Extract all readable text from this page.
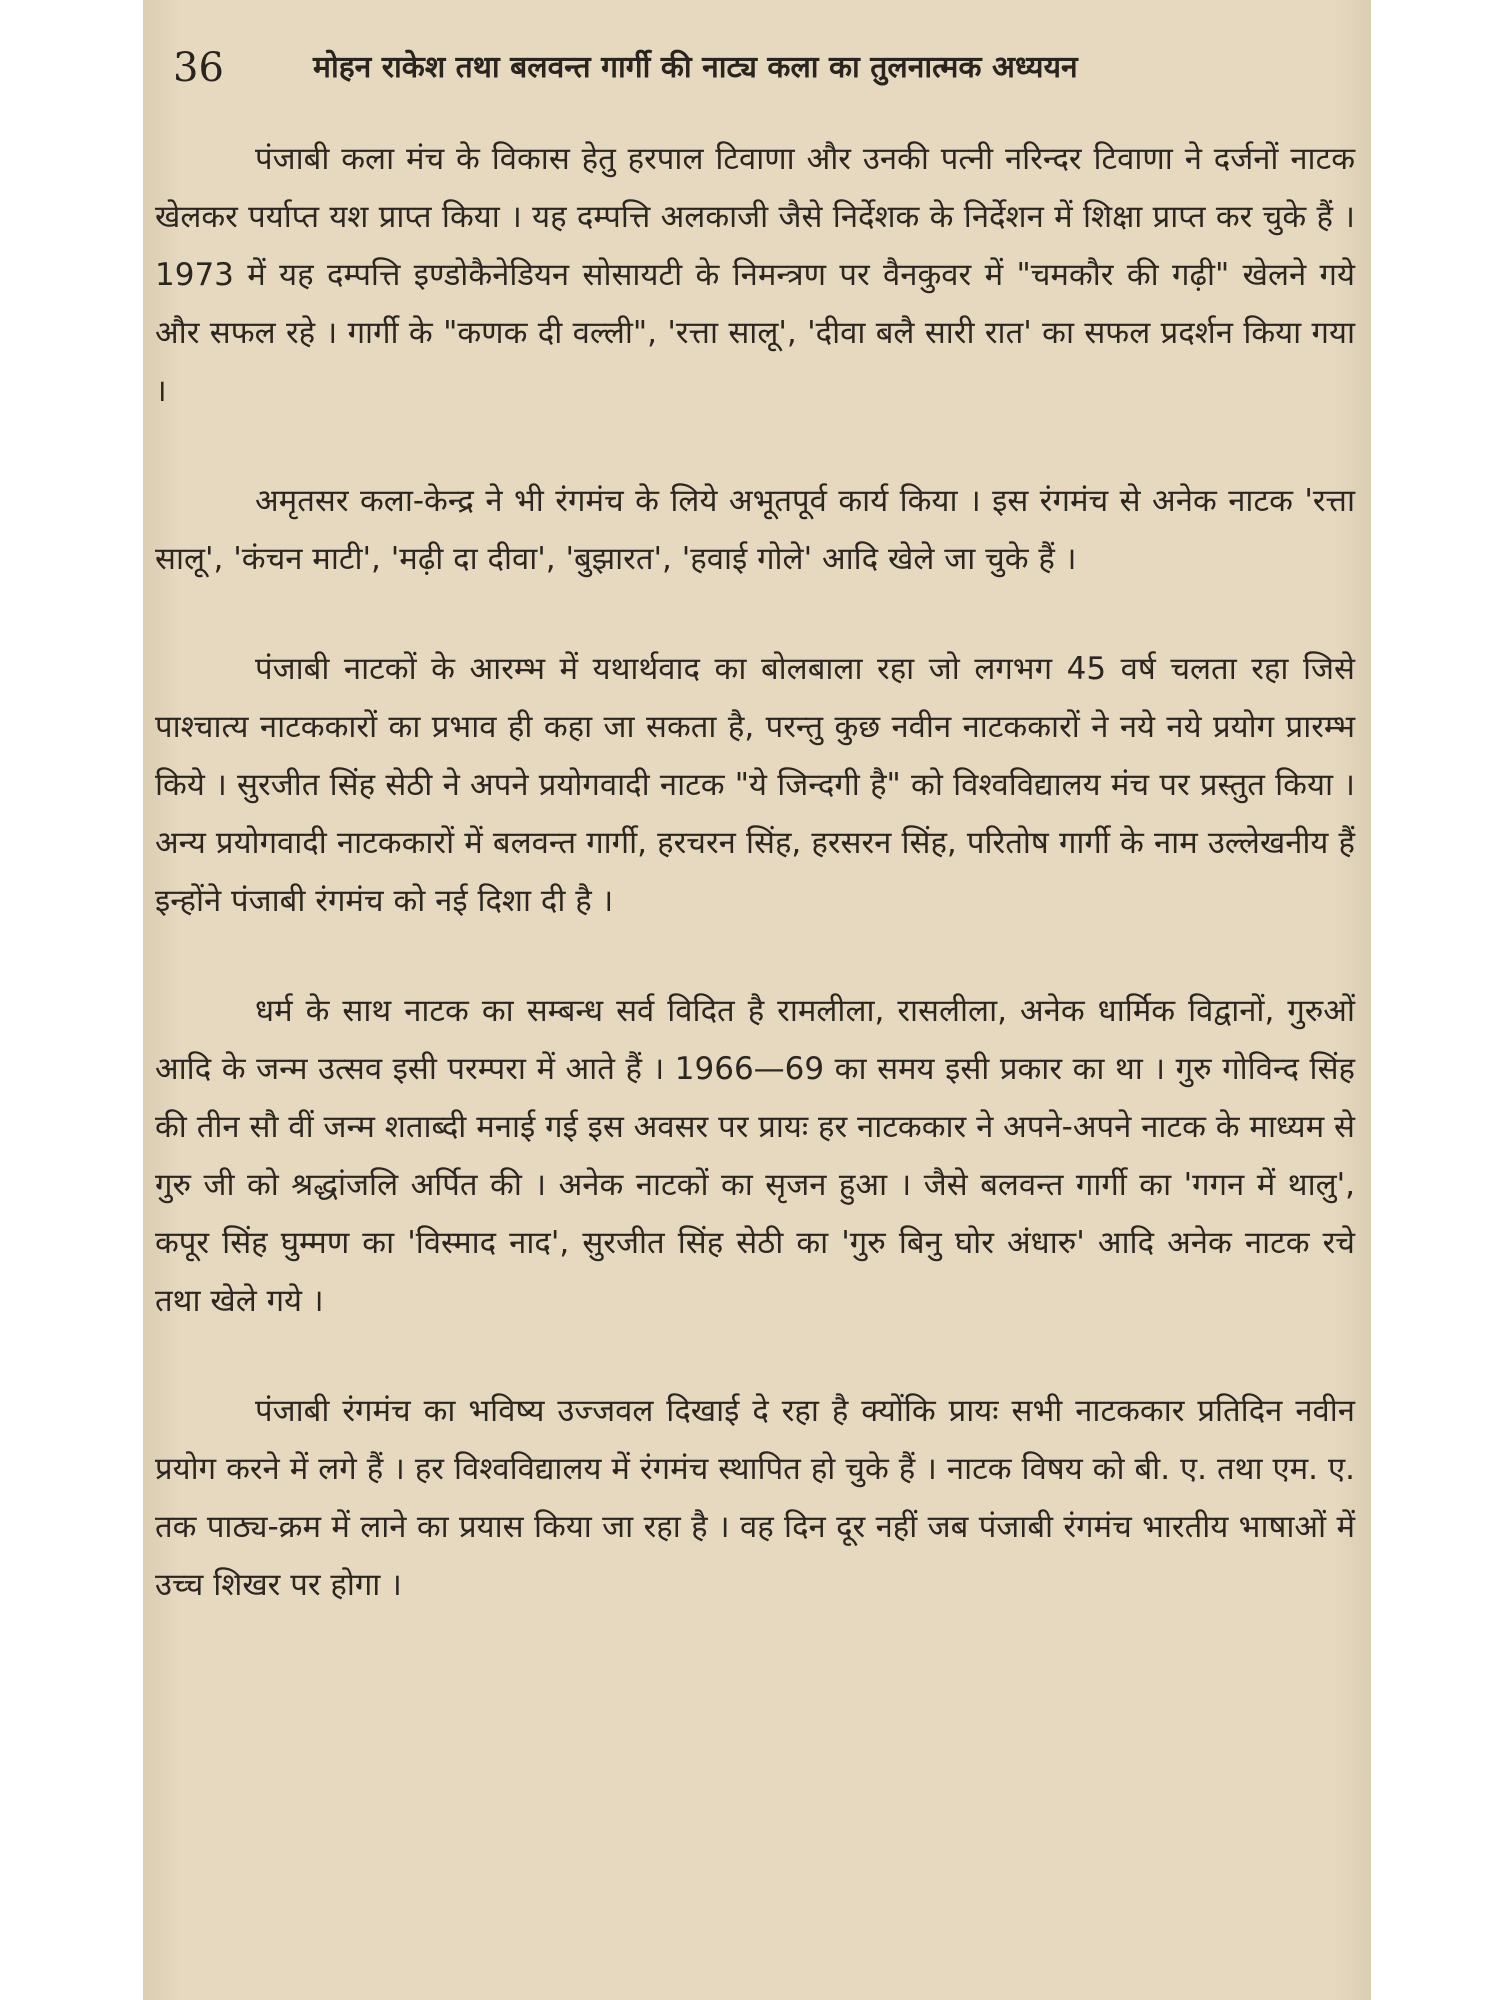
36	मोहन राकेश तथा बलवन्त गार्गी की नाट्य कला का तुलनात्मक अध्ययन

पंजाबी कला मंच के विकास हेतु हरपाल टिवाणा और उनकी पत्नी नरिन्दर टिवाणा ने दर्जनों नाटक खेलकर पर्याप्त यश प्राप्त किया । यह दम्पत्ति अलकाजी जैसे निर्देशक के निर्देशन में शिक्षा प्राप्त कर चुके हैं । 1973 में यह दम्पत्ति इण्डोकैनेडियन सोसायटी के निमन्त्रण पर वैनकुवर में "चमकौर की गढ़ी" खेलने गये और सफल रहे । गार्गी के "कणक दी वल्ली", 'रत्ता सालू', 'दीवा बलै सारी रात' का सफल प्रदर्शन किया गया ।

अमृतसर कला-केन्द्र ने भी रंगमंच के लिये अभूतपूर्व कार्य किया । इस रंगमंच से अनेक नाटक 'रत्ता सालू', 'कंचन माटी', 'मढ़ी दा दीवा', 'बुझारत', 'हवाई गोले' आदि खेले जा चुके हैं ।

पंजाबी नाटकों के आरम्भ में यथार्थवाद का बोलबाला रहा जो लगभग 45 वर्ष चलता रहा जिसे पाश्चात्य नाटककारों का प्रभाव ही कहा जा सकता है, परन्तु कुछ नवीन नाटककारों ने नये नये प्रयोग प्रारम्भ किये । सुरजीत सिंह सेठी ने अपने प्रयोगवादी नाटक "ये जिन्दगी है" को विश्वविद्यालय मंच पर प्रस्तुत किया । अन्य प्रयोगवादी नाटककारों में बलवन्त गार्गी, हरचरन सिंह, हरसरन सिंह, परितोष गार्गी के नाम उल्लेखनीय हैं इन्होंने पंजाबी रंगमंच को नई दिशा दी है ।

धर्म के साथ नाटक का सम्बन्ध सर्व विदित है रामलीला, रासलीला, अनेक धार्मिक विद्वानों, गुरुओं आदि के जन्म उत्सव इसी परम्परा में आते हैं । 1966—69 का समय इसी प्रकार का था । गुरु गोविन्द सिंह की तीन सौ वीं जन्म शताब्दी मनाई गई इस अवसर पर प्रायः हर नाटककार ने अपने-अपने नाटक के माध्यम से गुरु जी को श्रद्धांजलि अर्पित की । अनेक नाटकों का सृजन हुआ । जैसे बलवन्त गार्गी का 'गगन में थालु', कपूर सिंह घुम्मण का 'विस्माद नाद', सुरजीत सिंह सेठी का 'गुरु बिनु घोर अंधारु' आदि अनेक नाटक रचे तथा खेले गये ।

पंजाबी रंगमंच का भविष्य उज्जवल दिखाई दे रहा है क्योंकि प्रायः सभी नाटककार प्रतिदिन नवीन प्रयोग करने में लगे हैं । हर विश्वविद्यालय में रंगमंच स्थापित हो चुके हैं । नाटक विषय को बी. ए. तथा एम. ए. तक पाठ्य-क्रम में लाने का प्रयास किया जा रहा है । वह दिन दूर नहीं जब पंजाबी रंगमंच भारतीय भाषाओं में उच्च शिखर पर होगा ।
